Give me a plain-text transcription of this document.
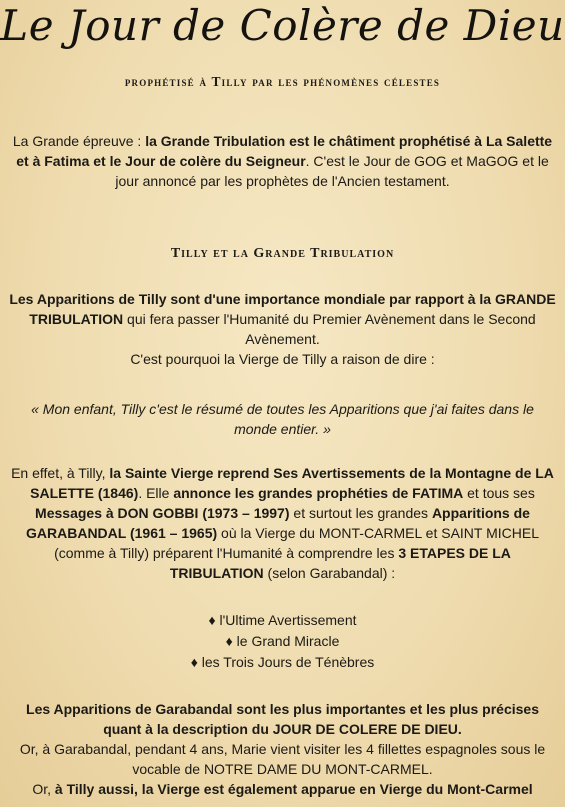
Le Jour de Colère de Dieu
prophétisé à Tilly par les phénomènes célestes
La Grande épreuve : la Grande Tribulation est le châtiment prophétisé à La Salette et à Fatima et le Jour de colère du Seigneur. C'est le Jour de GOG et MaGOG et le jour annoncé par les prophètes de l'Ancien testament.
Tilly et la Grande Tribulation
Les Apparitions de Tilly sont d'une importance mondiale par rapport à la GRANDE TRIBULATION qui fera passer l'Humanité du Premier Avènement dans le Second Avènement.
C'est pourquoi la Vierge de Tilly a raison de dire :
« Mon enfant, Tilly c'est le résumé de toutes les Apparitions que j'ai faites dans le monde entier. »
En effet, à Tilly, la Sainte Vierge reprend Ses Avertissements de la Montagne de LA SALETTE (1846). Elle annonce les grandes prophéties de FATIMA et tous ses Messages à DON GOBBI (1973 – 1997) et surtout les grandes Apparitions de GARABANDAL (1961 – 1965) où la Vierge du MONT-CARMEL et SAINT MICHEL (comme à Tilly) préparent l'Humanité à comprendre les 3 ETAPES DE LA TRIBULATION (selon Garabandal) :
♦ l'Ultime Avertissement
♦ le Grand Miracle
♦ les Trois Jours de Ténèbres
Les Apparitions de Garabandal sont les plus importantes et les plus précises quant à la description du JOUR DE COLERE DE DIEU.
Or, à Garabandal, pendant 4 ans, Marie vient visiter les 4 fillettes espagnoles sous le vocable de NOTRE DAME DU MONT-CARMEL.
Or, à Tilly aussi, la Vierge est également apparue en Vierge du Mont-Carmel
